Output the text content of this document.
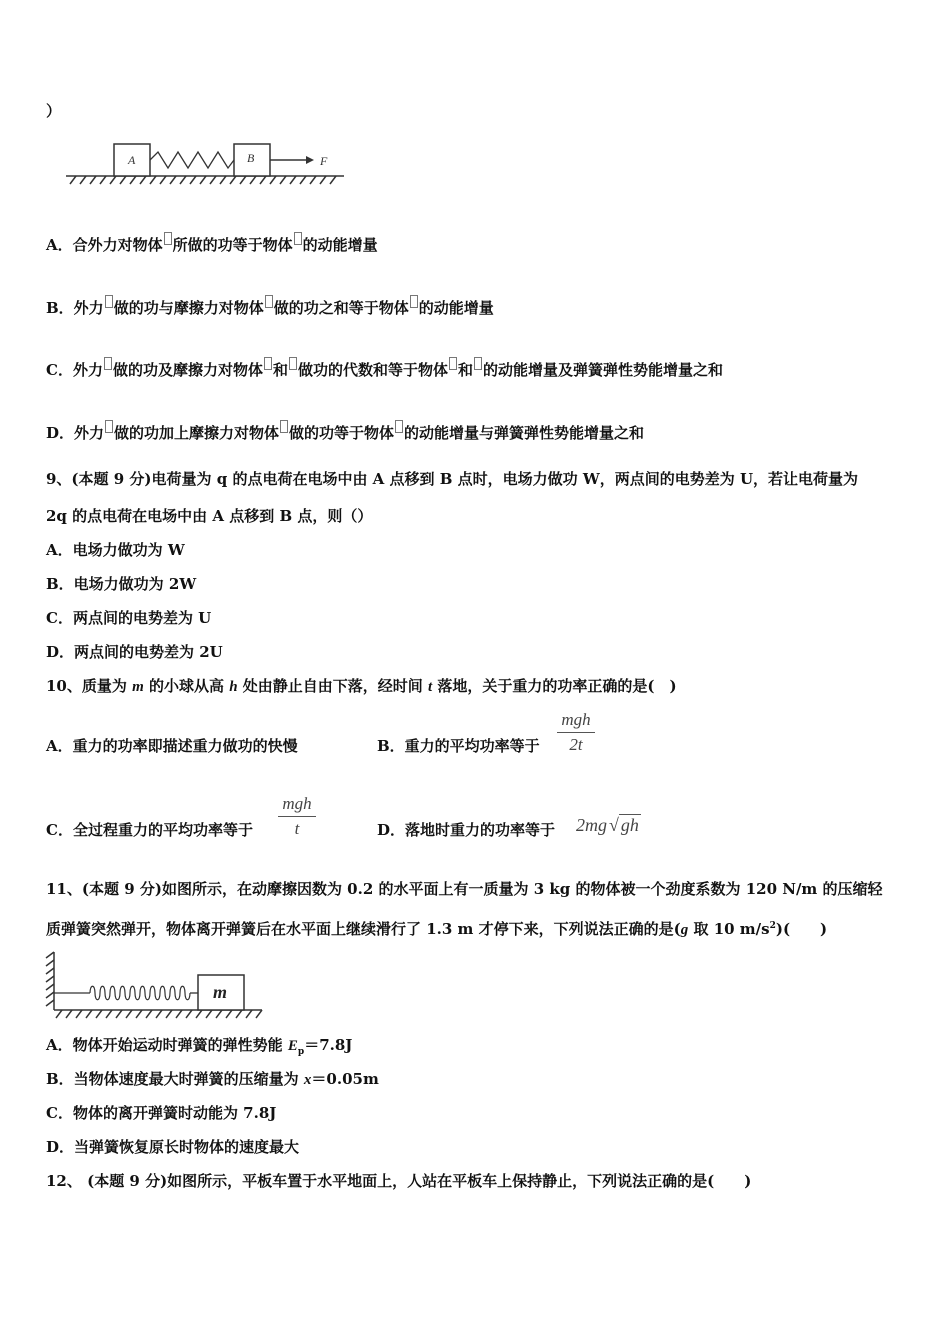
）
A	B	F
A．合外力对物体 所做的功等于物体 的动能增量
B．外力 做的功与摩擦力对物体 做的功之和等于物体 的动能增量
C．外力 做的功及摩擦力对物体 和 做功的代数和等于物体 和 的动能增量及弹簧弹性势能增量之和
D．外力 做的功加上摩擦力对物体 做的功等于物体 的动能增量与弹簧弹性势能增量之和
9、(本题 9 分)电荷量为 q 的点电荷在电场中由 A 点移到 B 点时，电场力做功 W，两点间的电势差为 U，若让电荷量为
2q 的点电荷在电场中由 A 点移到 B 点，则（）
A．电场力做功为 W
B．电场力做功为 2W
C．两点间的电势差为 U
D．两点间的电势差为 2U
10、质量为 m 的小球从高 h 处由静止自由下落，经时间 t 落地，关于重力的功率正确的是(　)
A．重力的功率即描述重力做功的快慢	B．重力的平均功率等于
mgh
2t
C．全过程重力的平均功率等于
mgh
t	D．落地时重力的功率等于 2mg √ gh
11、(本题 9 分)如图所示，在动摩擦因数为 0.2 的水平面上有一质量为 3 kg 的物体被一个劲度系数为 120 N/m 的压缩轻
质弹簧突然弹开，物体离开弹簧后在水平面上继续滑行了 1.3 m 才停下来，下列说法正确的是(g 取 10 $m/s^2$)(　　)
m
A．物体开始运动时弹簧的弹性势能 $E_p=7.8J$
B．当物体速度最大时弹簧的压缩量为 x＝0.05m
C．物体的离开弹簧时动能为 7.8J
D．当弹簧恢复原长时物体的速度最大
12、 (本题 9 分)如图所示，平板车置于水平地面上，人站在平板车上保持静止，下列说法正确的是(　　)
